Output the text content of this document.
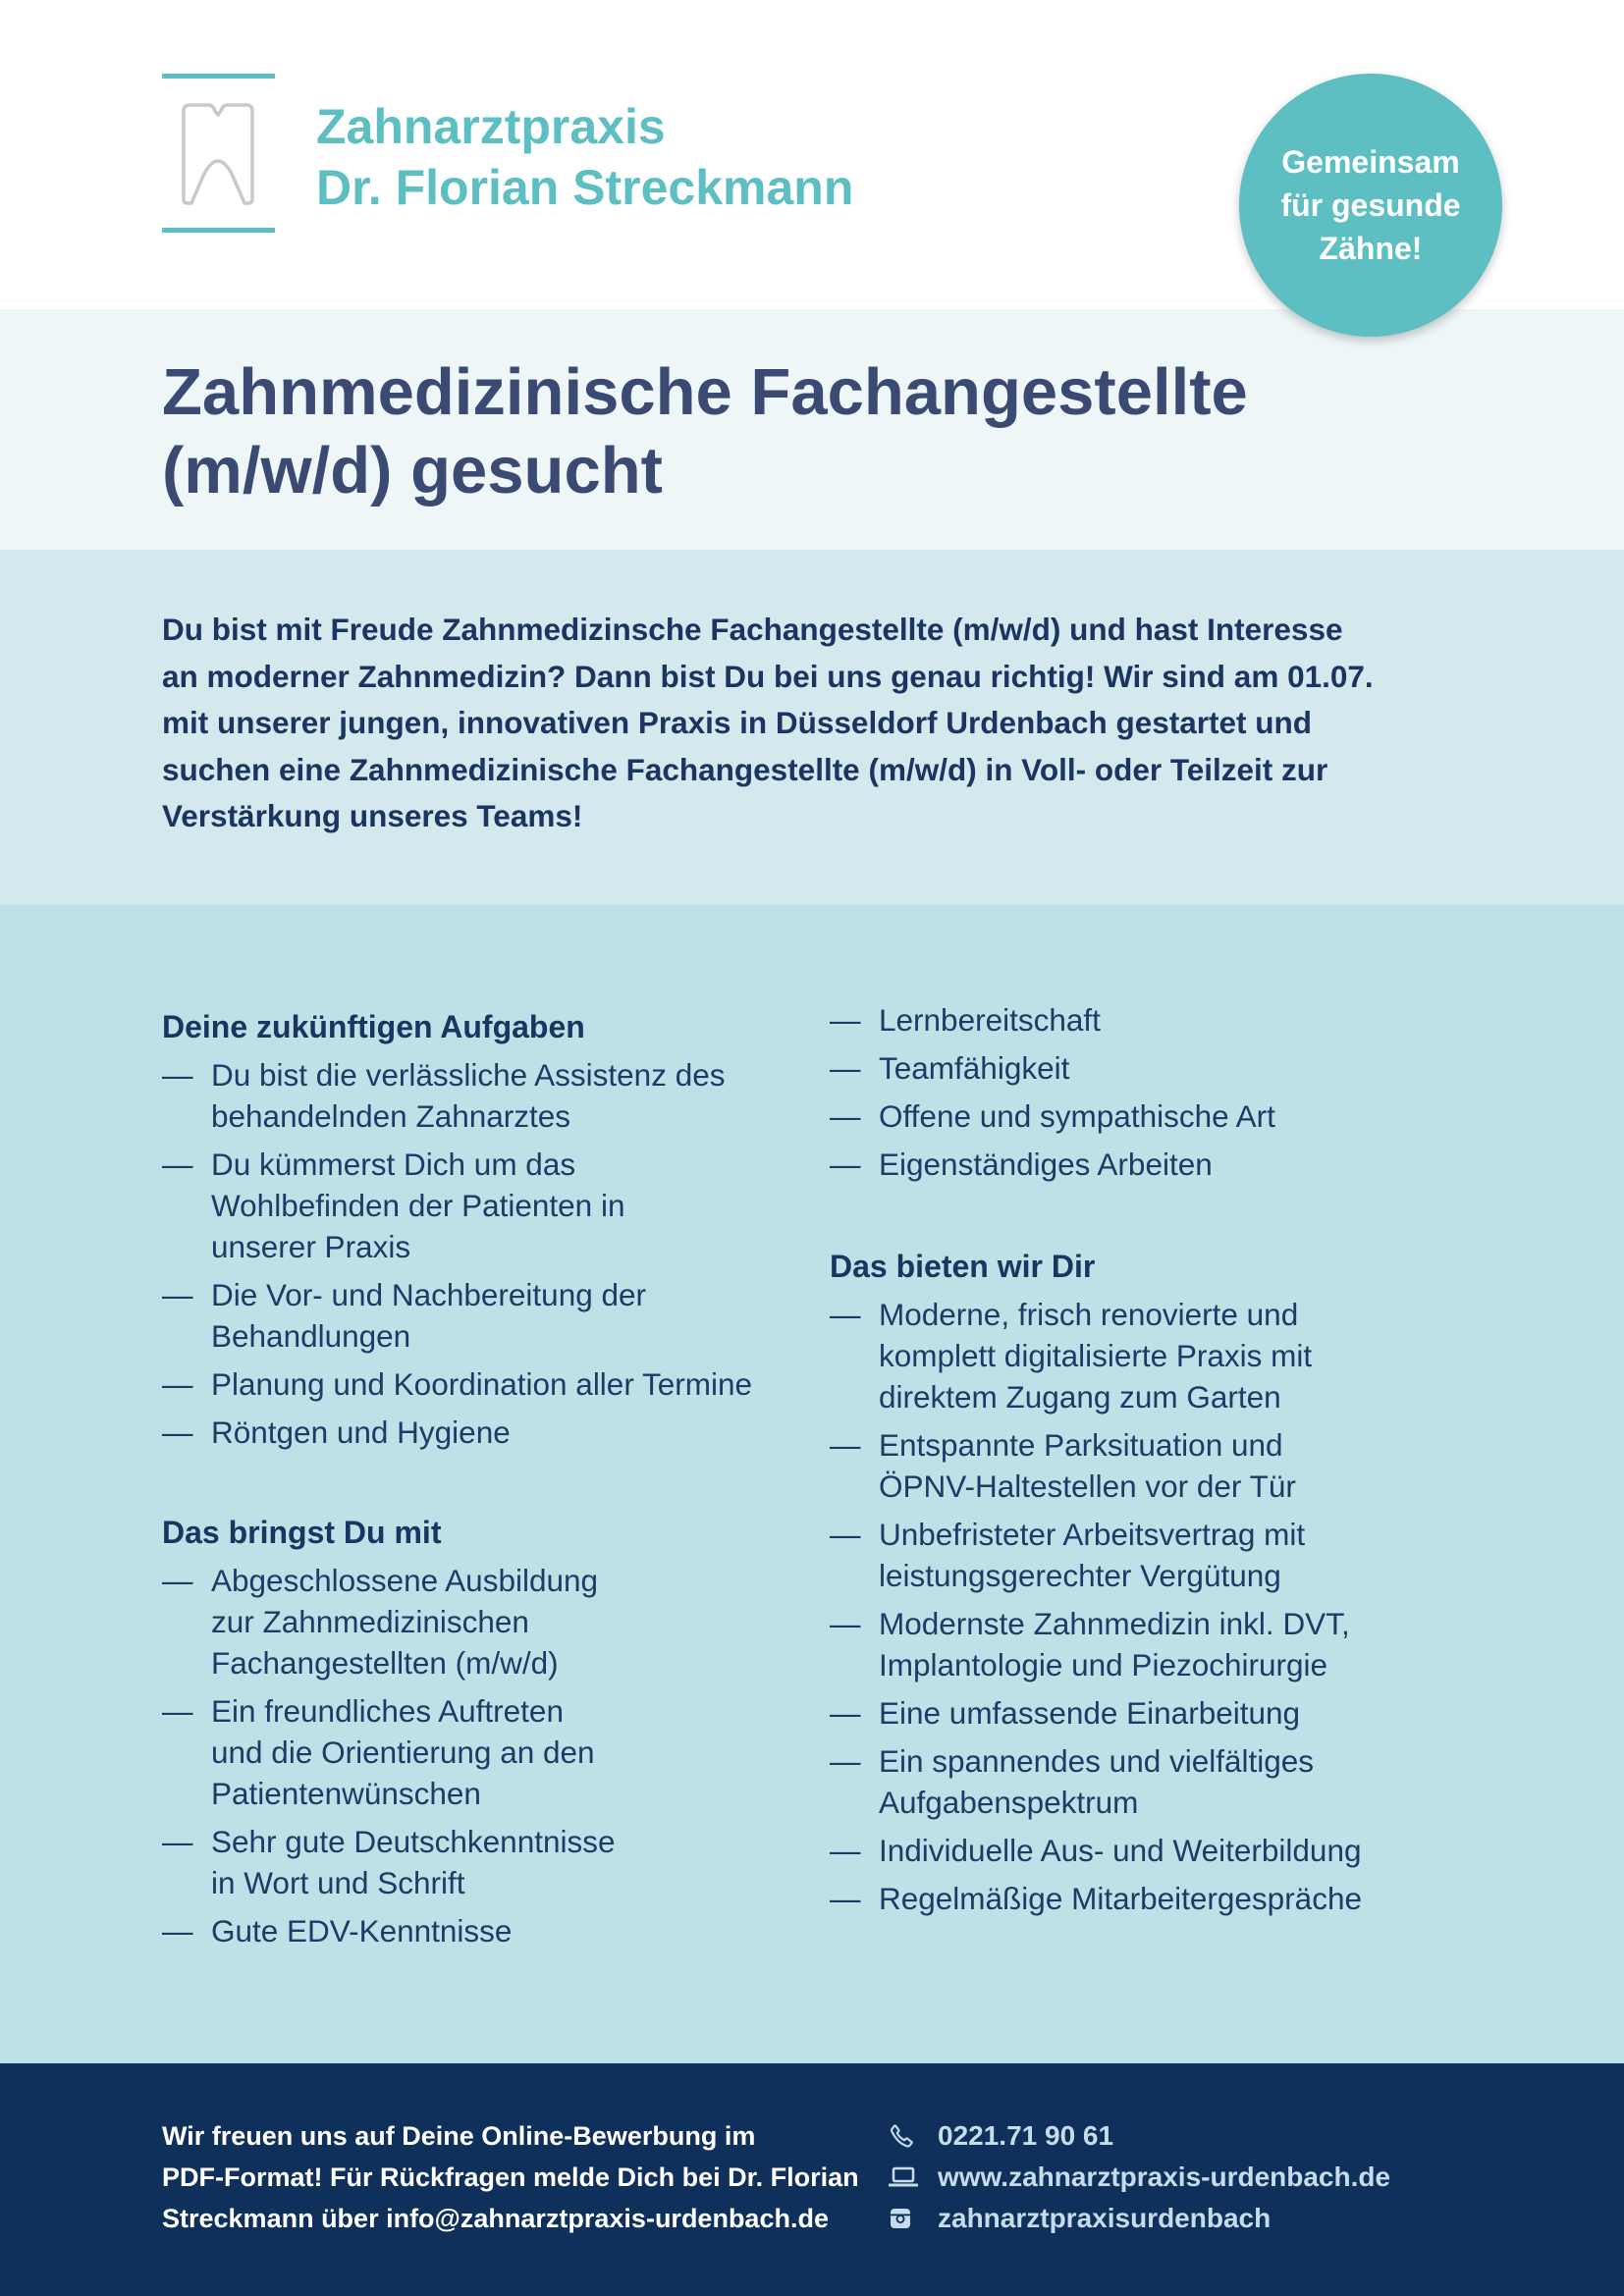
Zahnarztpraxis
Dr. Florian Streckmann	Gemeinsam
für gesunde
Zähne!
Zahnmedizinische Fachangestellte
(m/w/d) gesucht
Du bist mit Freude Zahnmedizinsche Fachangestellte (m/w/d) und hast Interesse
an moderner Zahnmedizin? Dann bist Du bei uns genau richtig! Wir sind am 01.07.
mit unserer jungen, innovativen Praxis in Düsseldorf Urdenbach gestartet und
suchen eine Zahnmedizinische Fachangestellte (m/w/d) in Voll- oder Teilzeit zur
Verstärkung unseres Teams!
Deine zukünftigen Aufgaben
— Du bist die verlässliche Assistenz des
behandelnden Zahnarztes
— Du kümmerst Dich um das
Wohlbefinden der Patienten in
unserer Praxis
— Die Vor- und Nachbereitung der
Behandlungen
— Planung und Koordination aller Termine
— Röntgen und Hygiene
Das bringst Du mit
— Abgeschlossene Ausbildung
zur Zahnmedizinischen
Fachangestellten (m/w/d)
— Ein freundliches Auftreten
und die Orientierung an den
Patientenwünschen
— Sehr gute Deutschkenntnisse
in Wort und Schrift
— Gute EDV-Kenntnisse
— Lernbereitschaft
— Teamfähigkeit
— Offene und sympathische Art
— Eigenständiges Arbeiten
Das bieten wir Dir
— Moderne, frisch renovierte und
komplett digitalisierte Praxis mit
direktem Zugang zum Garten
— Entspannte Parksituation und
ÖPNV-Haltestellen vor der Tür
— Unbefristeter Arbeitsvertrag mit
leistungsgerechter Vergütung
— Modernste Zahnmedizin inkl. DVT,
Implantologie und Piezochirurgie
— Eine umfassende Einarbeitung
— Ein spannendes und vielfältiges
Aufgabenspektrum
— Individuelle Aus- und Weiterbildung
— Regelmäßige Mitarbeitergespräche
Wir freuen uns auf Deine Online-Bewerbung im
PDF-Format! Für Rückfragen melde Dich bei Dr. Florian
Streckmann über info@zahnarztpraxis-urdenbach.de
0221.71 90 61
www.zahnarztpraxis-urdenbach.de
zahnarztpraxisurdenbach
